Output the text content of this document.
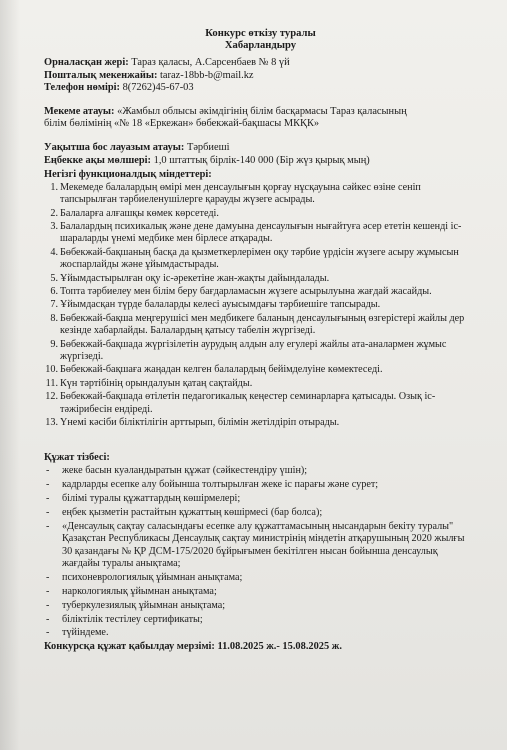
Конкурс өткізу туралы
Хабарландыру
Орналасқан жері: Тараз қаласы, А.Сарсенбаев № 8 үй
Пошталық мекенжайы: taraz-18bb-b@mail.kz
Телефон нөмірі: 8(7262)45-67-03
Мекеме атауы: «Жамбыл облысы әкімдігінің білім басқармасы Тараз қаласының
білім бөлімінің «№ 18 «Еркежан» бөбекжай-бақшасы МКҚК»
Уақытша бос лауазым атауы: Тәрбиеші
Еңбекке ақы мөлшері: 1,0 штаттық бірлік-140 000 (Бір жүз қырық мың)
Негізгі функционалдық міндеттері:
1. Мекемеде балалардың өмірі мен денсаулығын қорғау нұсқауына сәйкес өзіне сеніп тапсырылған тәрбиеленушілерге қарауды жүзеге асырады.
2. Балаларға алғашқы көмек көрсетеді.
3. Балалардың психикалық және дене дамуына денсаулығын нығайтуға әсер ететін кешенді іс-шараларды үнемі медбике мен бірлесе атқарады.
4. Бөбекжай-бақшаның басқа да қызметкерлерімен оқу тәрбие үрдісін жүзеге асыру жұмысын жоспарлайды және ұйымдастырады.
5. Ұйымдастырылған оқу іс-әрекетіне жан-жақты дайындалады.
6. Топта тәрбиелеу мен білім беру бағдарламасын жүзеге асырылуына жағдай жасайды.
7. Ұйымдасқан түрде балаларды келесі ауысымдағы тәрбиешіге тапсырады.
8. Бөбекжай-бақша меңгерушісі мен медбикеге баланың денсаулығының өзгерістері жайлы дер кезінде хабарлайды. Балалардың қатысу табелін жүргізеді.
9. Бөбекжай-бақшада жүргізілетін аурудың алдын алу егулері жайлы ата-аналармен жұмыс жүргізеді.
10. Бөбекжай-бақшаға жаңадан келген балалардың бейімделуіне көмектеседі.
11. Күн тәртібінің орындалуын қатаң сақтайды.
12. Бөбекжай-бақшада өтілетін педагогикалық кеңестер семинарларға қатысады. Озық іс-тәжірибесін ендіреді.
13. Үнемі кәсіби біліктілігін арттырып, білімін жетілдіріп отырады.
Құжат тізбесі:
- жеке басын куәландыратын құжат (сәйкестендіру үшін);
- кадрларды есепке алу бойынша толтырылған жеке іс парағы және сурет;
- білімі туралы құжаттардың көшірмелері;
- еңбек қызметін растайтын құжаттың көшірмесі (бар болса);
- «Денсаулық сақтау саласындағы есепке алу құжаттамасының нысандарын бекіту туралы" Қазақстан Республикасы Денсаулық сақтау министрінің міндетін атқарушының 2020 жылғы 30 қазандағы № ҚР ДСМ-175/2020 бұйрығымен бекітілген нысан бойынша денсаулық жағдайы туралы анықтама;
- психоневрологиялық ұйымнан анықтама;
- наркологиялық ұйымнан анықтама;
- туберкулезиялық ұйымнан анықтама;
- біліктілік тестілеу сертификаты;
- түйіндеме.
Конкурсқа құжат қабылдау мерзімі: 11.08.2025 ж.- 15.08.2025 ж.
